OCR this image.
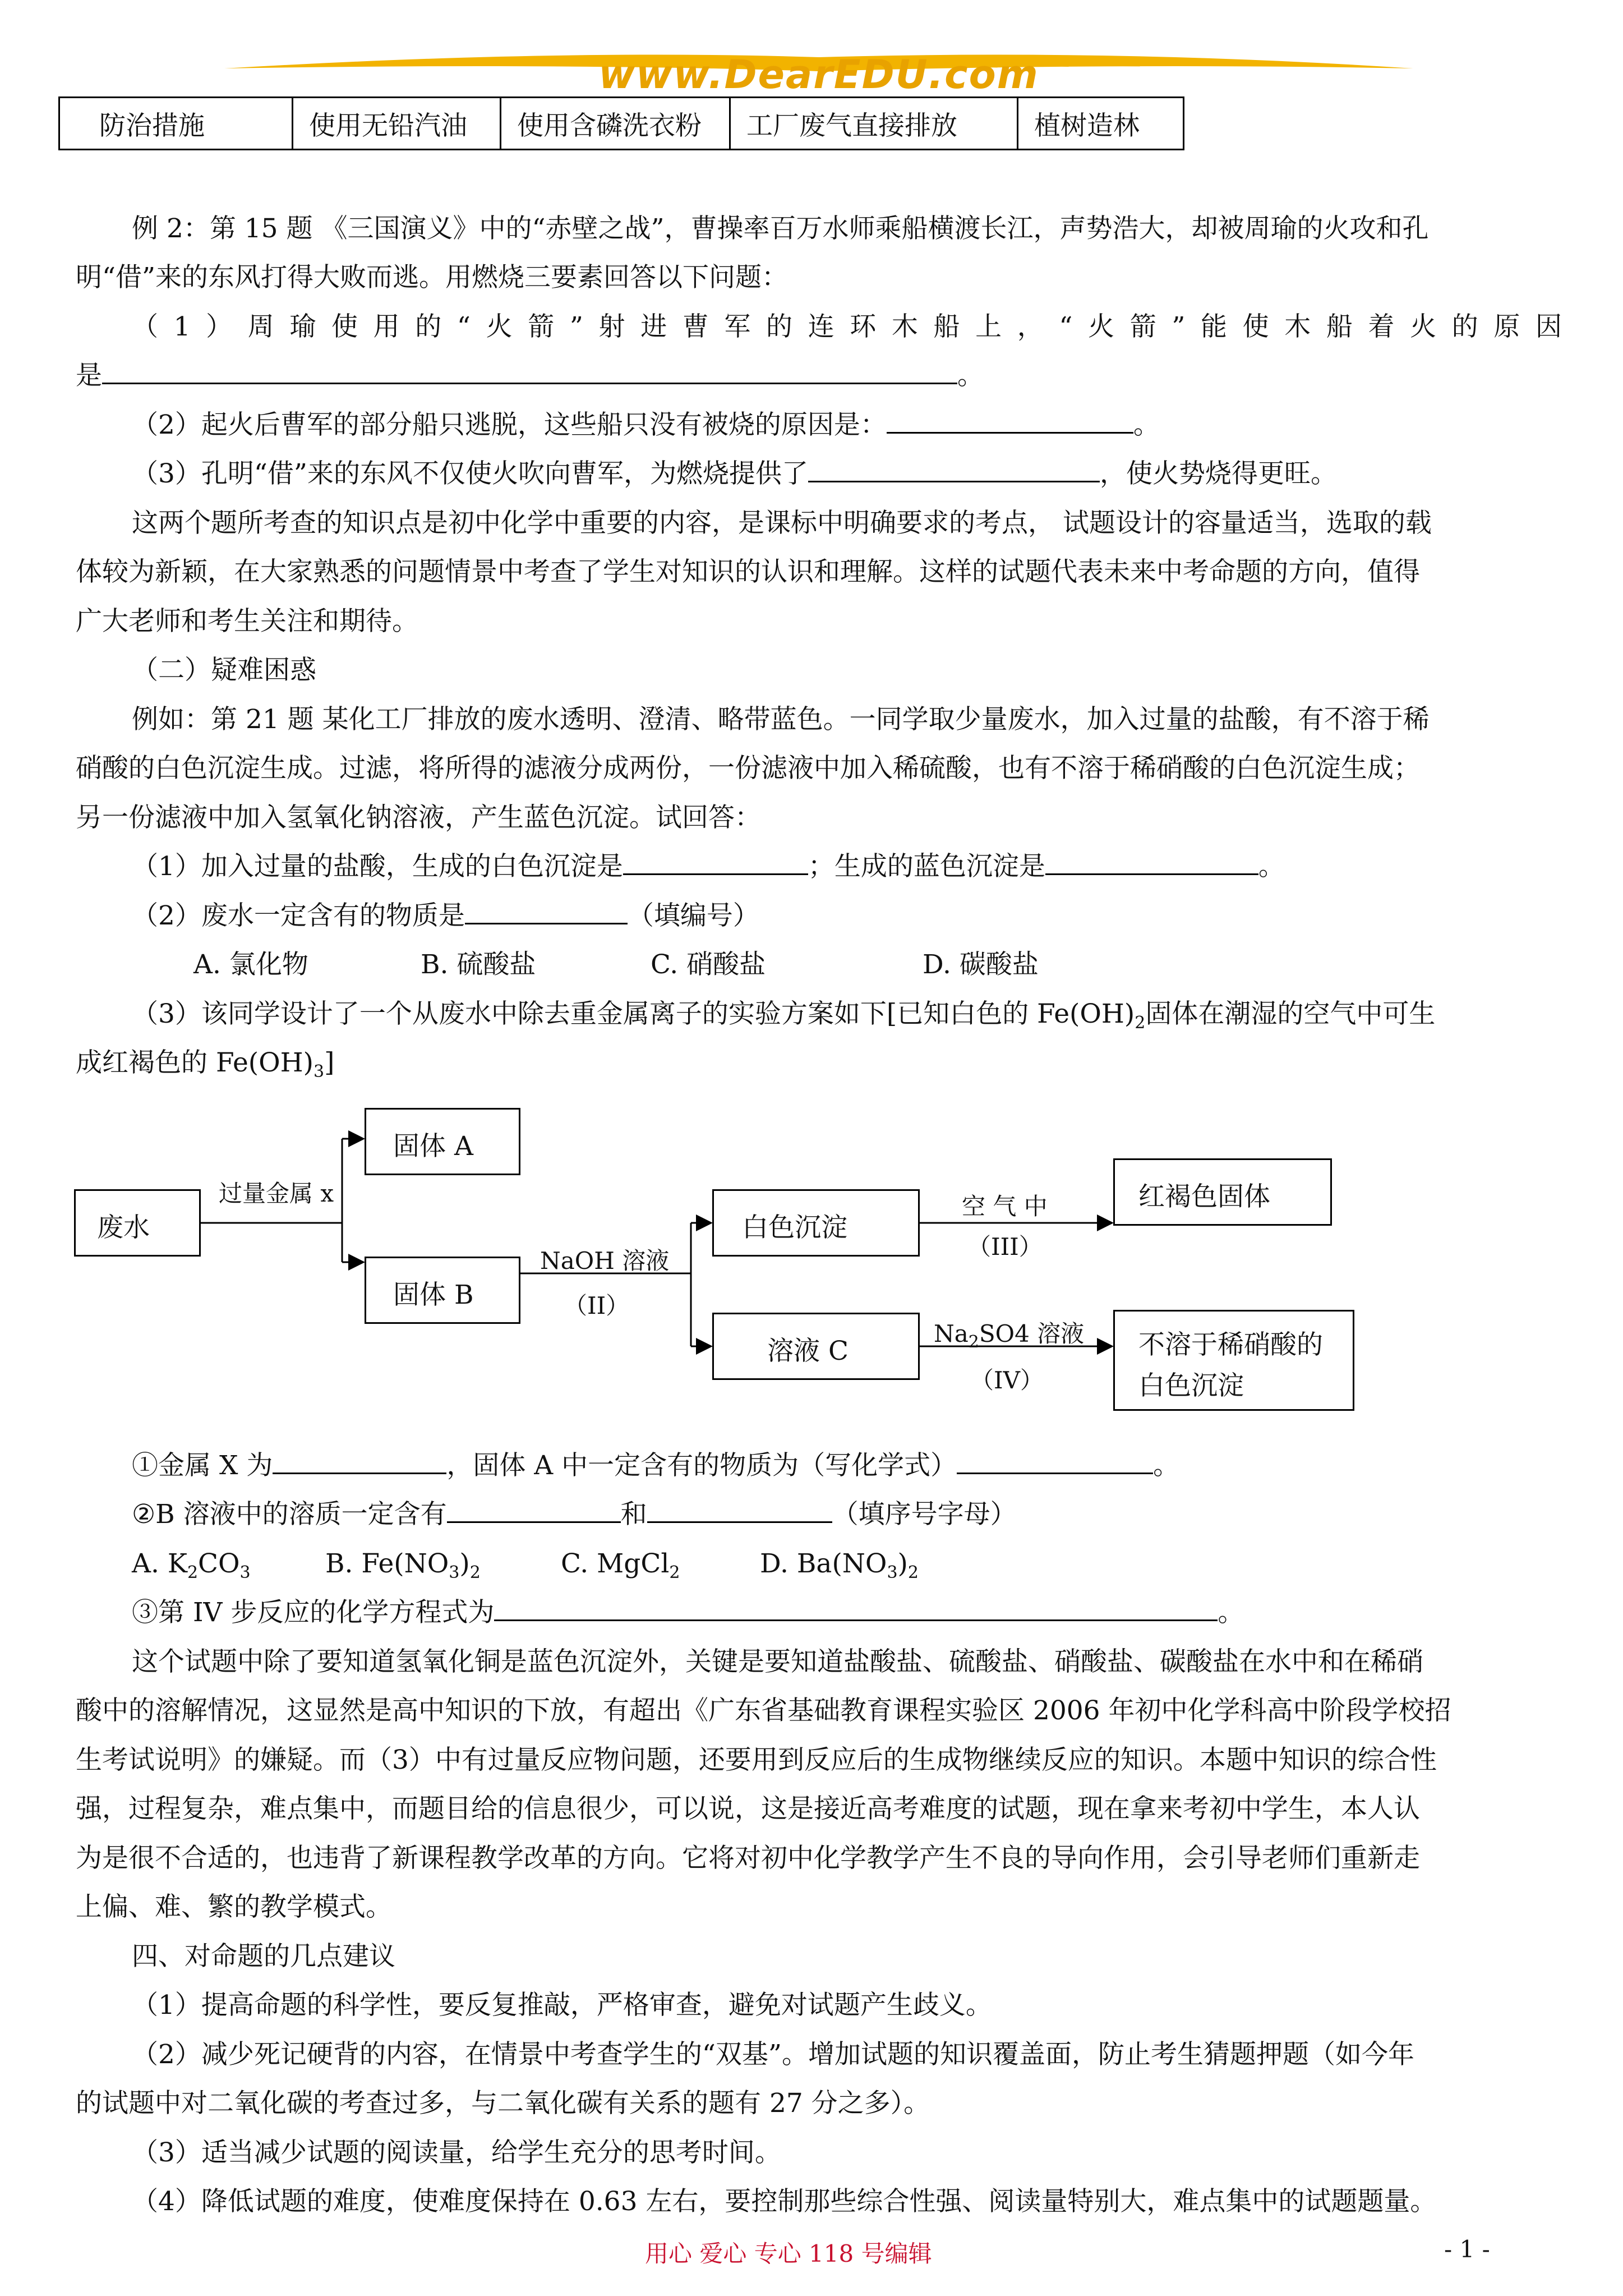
www.DearEDU.com
防治措施	使用无铅汽油	使用含磷洗衣粉	工厂废气直接排放	植树造林
例 2：第 15 题 《三国演义》中的“赤壁之战”，曹操率百万水师乘船横渡长江，声势浩大，却被周瑜的火攻和孔
明“借”来的东风打得大败而逃。用燃烧三要素回答以下问题：
（1）周瑜使用的“火箭”射进曹军的连环木船上，“火箭”能使木船着火的原因
是	。
（2）起火后曹军的部分船只逃脱，这些船只没有被烧的原因是：	。
（3）孔明“借”来的东风不仅使火吹向曹军，为燃烧提供了	，使火势烧得更旺。
这两个题所考查的知识点是初中化学中重要的内容，是课标中明确要求的考点， 试题设计的容量适当，选取的载
体较为新颖，在大家熟悉的问题情景中考查了学生对知识的认识和理解。这样的试题代表未来中考命题的方向，值得
广大老师和考生关注和期待。
（二）疑难困惑
例如：第 21 题 某化工厂排放的废水透明、澄清、略带蓝色。一同学取少量废水，加入过量的盐酸，有不溶于稀
硝酸的白色沉淀生成。过滤，将所得的滤液分成两份，一份滤液中加入稀硫酸，也有不溶于稀硝酸的白色沉淀生成；
另一份滤液中加入氢氧化钠溶液，产生蓝色沉淀。试回答：
（1）加入过量的盐酸，生成的白色沉淀是	；生成的蓝色沉淀是	。
（2）废水一定含有的物质是	（填编号）
A. 氯化物	B. 硫酸盐	C. 硝酸盐	D. 碳酸盐
（3）该同学设计了一个从废水中除去重金属离子的实验方案如下[已知白色的 $Fe(OH)_2$固体在潮湿的空气中可生
成红褐色的 $Fe(OH)_3$]
废水
固体 A
固体 B
白色沉淀
溶液 C
红褐色固体
不溶于稀硝酸的
白色沉淀
过量金属 x
NaOH 溶液
（II）
空 气 中
（III）
$Na_2SO4$ 溶液
（IV）
①金属 X 为	，固体 A 中一定含有的物质为（写化学式）	。
②B 溶液中的溶质一定含有	和	（填序号字母）
A. $K_2CO_3$	B. $Fe(NO_3)_2$	C. MgCl$_2$	D. $Ba(NO_3)_2$
③第 IV 步反应的化学方程式为	。
这个试题中除了要知道氢氧化铜是蓝色沉淀外，关键是要知道盐酸盐、硫酸盐、硝酸盐、碳酸盐在水中和在稀硝
酸中的溶解情况，这显然是高中知识的下放，有超出《广东省基础教育课程实验区 2006 年初中化学科高中阶段学校招
生考试说明》的嫌疑。而（3）中有过量反应物问题，还要用到反应后的生成物继续反应的知识。本题中知识的综合性
强，过程复杂，难点集中，而题目给的信息很少，可以说，这是接近高考难度的试题，现在拿来考初中学生，本人认
为是很不合适的，也违背了新课程教学改革的方向。它将对初中化学教学产生不良的导向作用，会引导老师们重新走
上偏、难、繁的教学模式。
四、对命题的几点建议
（1）提高命题的科学性，要反复推敲，严格审查，避免对试题产生歧义。
（2）减少死记硬背的内容，在情景中考查学生的“双基”。增加试题的知识覆盖面，防止考生猜题押题（如今年
的试题中对二氧化碳的考查过多，与二氧化碳有关系的题有 27 分之多）。
（3）适当减少试题的阅读量，给学生充分的思考时间。
（4）降低试题的难度，使难度保持在 0.63 左右，要控制那些综合性强、阅读量特别大，难点集中的试题题量。
用心 爱心 专心 118 号编辑	- 1 -
